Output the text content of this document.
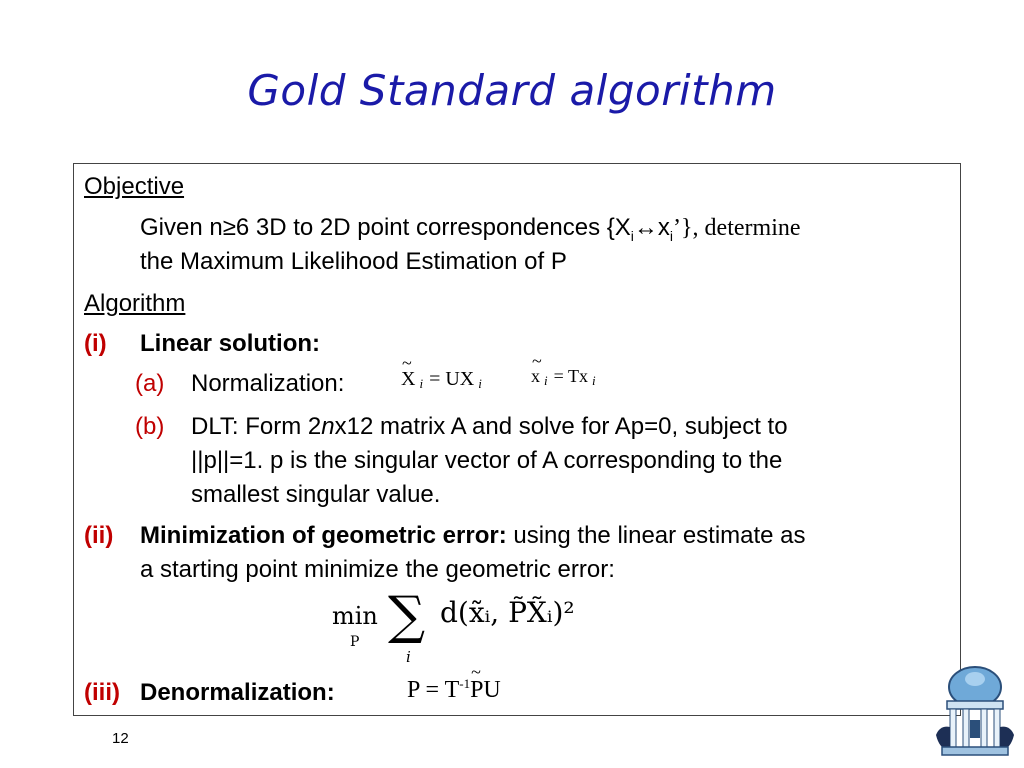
Gold Standard algorithm
Objective
Given n≥6 3D to 2D point correspondences $\{X_i\leftrightarrow x_i’\}$, determine
the Maximum Likelihood Estimation of P
Algorithm
(i) Linear solution:
(a) Normalization:	~ X $_i$ = UX $_i$	~ x $_i$ = Tx $_i$
(b) DLT: Form 2nx12 matrix A and solve for Ap=0, subject to
||p||=1. p is the singular vector of A corresponding to the
smallest singular value.
(ii) Minimization of geometric error: using the linear estimate as
a starting point minimize the geometric error:
min
P ∑
i
d(x̃ᵢ, P̃X̃ᵢ)²
(iii) Denormalization:	$P = T^{-1}\sim$ PU
12
